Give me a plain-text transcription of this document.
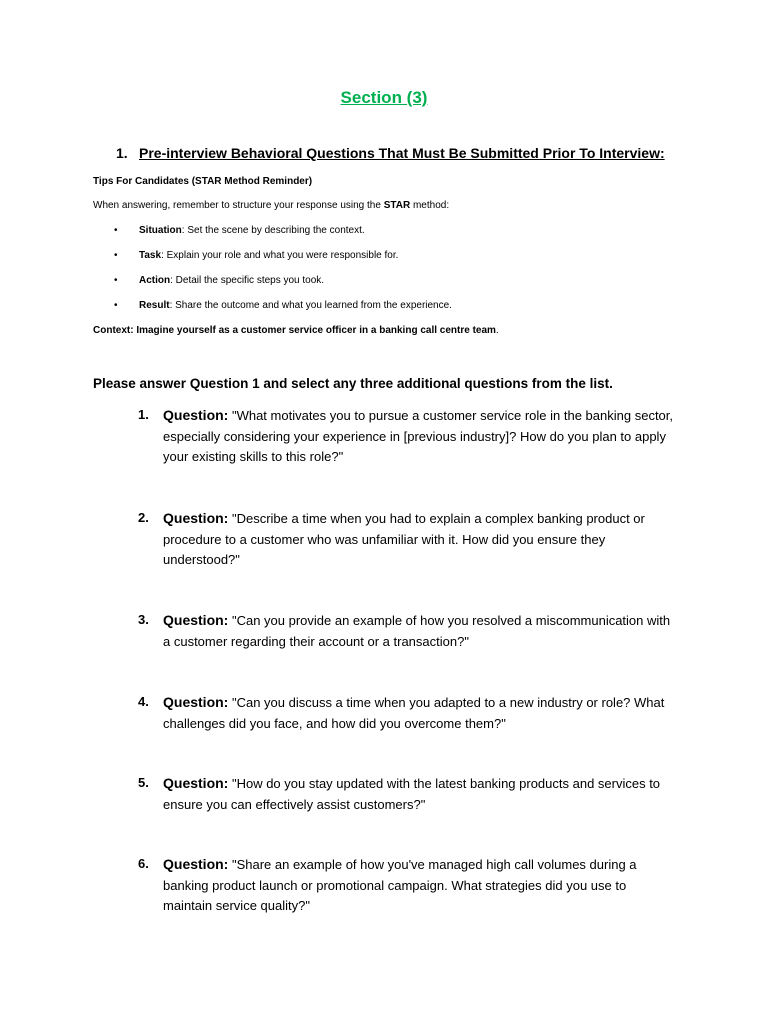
Section (3)
1. Pre-interview Behavioral Questions That Must Be Submitted Prior To Interview:
Tips For Candidates (STAR Method Reminder)
When answering, remember to structure your response using the STAR method:
• Situation: Set the scene by describing the context.
• Task: Explain your role and what you were responsible for.
• Action: Detail the specific steps you took.
• Result: Share the outcome and what you learned from the experience.
Context: Imagine yourself as a customer service officer in a banking call centre team.
Please answer Question 1 and select any three additional questions from the list.
1. Question: "What motivates you to pursue a customer service role in the banking sector, especially considering your experience in [previous industry]? How do you plan to apply your existing skills to this role?"
2. Question: "Describe a time when you had to explain a complex banking product or procedure to a customer who was unfamiliar with it. How did you ensure they understood?"
3. Question: "Can you provide an example of how you resolved a miscommunication with a customer regarding their account or a transaction?"
4. Question: "Can you discuss a time when you adapted to a new industry or role? What challenges did you face, and how did you overcome them?"
5. Question: "How do you stay updated with the latest banking products and services to ensure you can effectively assist customers?"
6. Question: "Share an example of how you've managed high call volumes during a banking product launch or promotional campaign. What strategies did you use to maintain service quality?"
